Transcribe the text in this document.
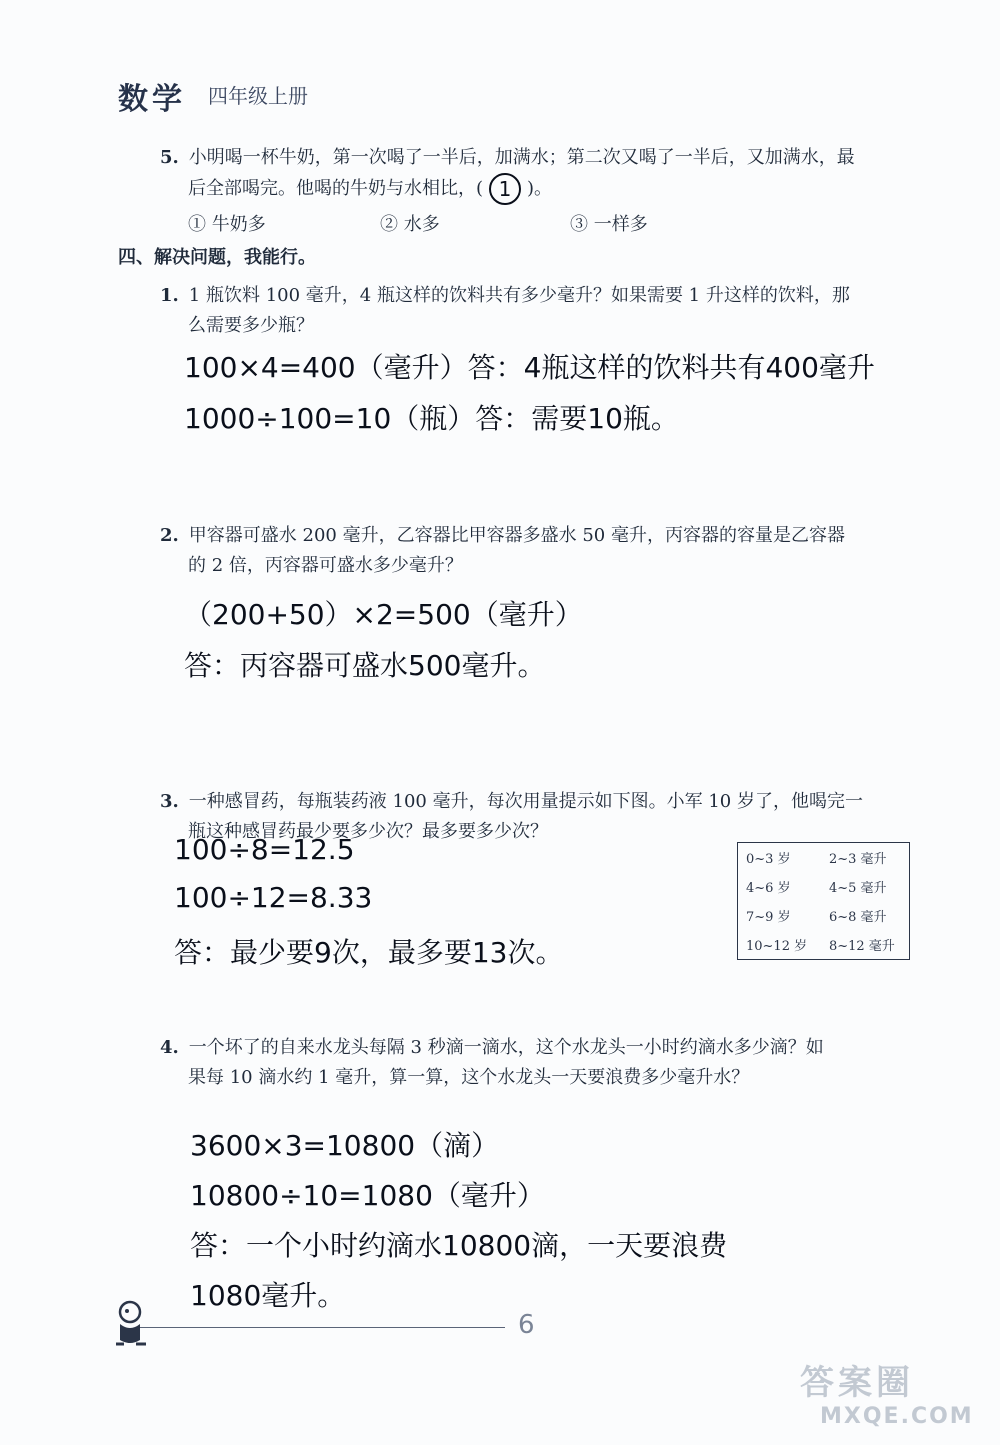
数学 四年级上册
5. 小明喝一杯牛奶，第一次喝了一半后，加满水；第二次又喝了一半后，又加满水，最
后全部喝完。他喝的牛奶与水相比，( 1 )。
① 牛奶多	② 水多	③ 一样多
四、解决问题，我能行。
1. 1 瓶饮料 100 毫升，4 瓶这样的饮料共有多少毫升？如果需要 1 升这样的饮料，那
么需要多少瓶？
100×4=400（毫升）答：4瓶这样的饮料共有400毫升
1000÷100=10（瓶）答：需要10瓶。
2. 甲容器可盛水 200 毫升，乙容器比甲容器多盛水 50 毫升，丙容器的容量是乙容器
的 2 倍，丙容器可盛水多少毫升？
（200+50）×2=500（毫升）
答：丙容器可盛水500毫升。
3. 一种感冒药，每瓶装药液 100 毫升，每次用量提示如下图。小军 10 岁了，他喝完一
瓶这种感冒药最少要多少次？最多要多少次？
100÷8=12.5
100÷12=8.33
答：最少要9次，最多要13次。
0~3 岁	2~3 毫升
4~6 岁	4~5 毫升
7~9 岁	6~8 毫升
10~12 岁	8~12 毫升
4. 一个坏了的自来水龙头每隔 3 秒滴一滴水，这个水龙头一小时约滴水多少滴？如
果每 10 滴水约 1 毫升，算一算，这个水龙头一天要浪费多少毫升水？
3600×3=10800（滴）
10800÷10=1080（毫升）
答：一个小时约滴水10800滴，一天要浪费
1080毫升。
6
答案圈
MXQE.COM
